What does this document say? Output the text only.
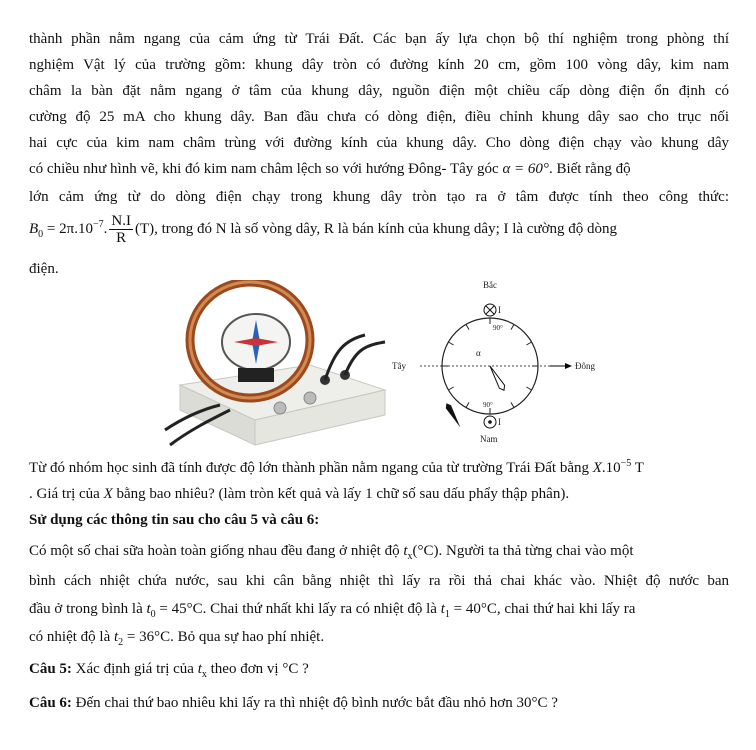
thành phần nằm ngang của cảm ứng từ Trái Đất. Các bạn ấy lựa chọn bộ thí nghiệm trong phòng thí
nghiệm Vật lý của trường gồm: khung dây tròn có đường kính 20 cm, gồm 100 vòng dây, kim nam
châm la bàn đặt nằm ngang ở tâm của khung dây, nguồn điện một chiều cấp dòng điện ổn định có
cường độ 25 mA cho khung dây. Ban đầu chưa có dòng điện, điều chỉnh khung dây sao cho trục nối
hai cực của kim nam châm trùng với đường kính của khung dây. Cho dòng điện chạy vào khung dây
có chiều như hình vẽ, khi đó kim nam châm lệch so với hướng Đông- Tây góc α = 60°. Biết rằng độ
lớn cảm ứng từ do dòng điện chạy trong khung dây tròn tạo ra ở tâm được tính theo công thức:
$B_0 = 2\pi.10^{-7}$. $\frac{N.I}{R} (T)$, trong đó N là số vòng dây, R là bán kính của khung dây; I là cường độ dòng
điện.
Bắc
Nam
Tây	Đông
I
I
90°
90°
α
Từ đó nhóm học sinh đã tính được độ lớn thành phần nằm ngang của từ trường Trái Đất bằng $X.10^{-5}$ T
. Giá trị của X bằng bao nhiêu? (làm tròn kết quả và lấy 1 chữ số sau dấu phẩy thập phân).
Sử dụng các thông tin sau cho câu 5 và câu 6:
Có một số chai sữa hoàn toàn giống nhau đều đang ở nhiệt độ $t_x(^\circ C)$. Người ta thả từng chai vào một
bình cách nhiệt chứa nước, sau khi cân bằng nhiệt thì lấy ra rồi thả chai khác vào. Nhiệt độ nước ban
đầu ở trong bình là $t_0 = 45^\circ C$. Chai thứ nhất khi lấy ra có nhiệt độ là $t_1 = 40^\circ C$, chai thứ hai khi lấy ra
có nhiệt độ là $t_2 = 36^\circ C$. Bỏ qua sự hao phí nhiệt.
Câu 5: Xác định giá trị của $t_x$ theo đơn vị °C ?
Câu 6: Đến chai thứ bao nhiêu khi lấy ra thì nhiệt độ bình nước bắt đầu nhỏ hơn 30°C ?
